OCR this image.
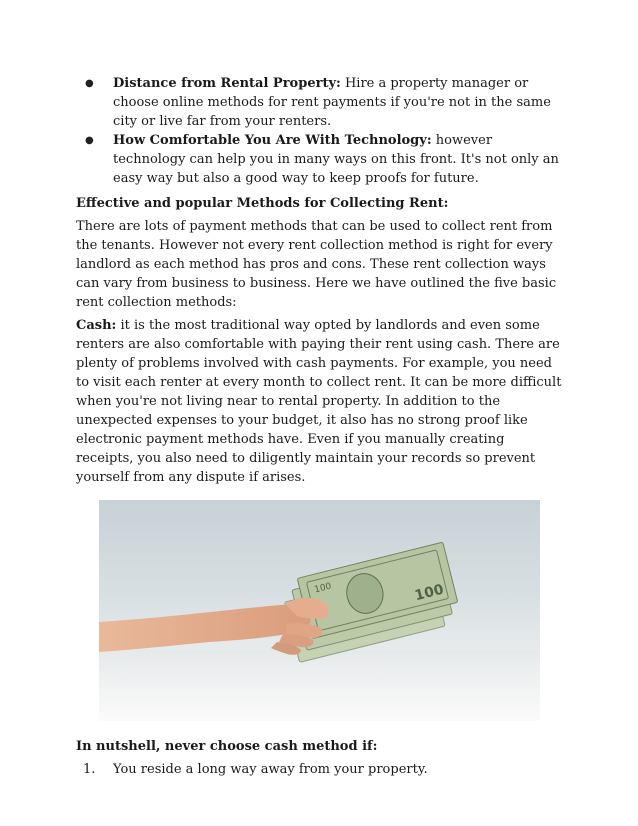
● Distance from Rental Property: Hire a property manager or choose online methods for rent payments if you're not in the same city or live far from your renters.
● How Comfortable You Are With Technology: however technology can help you in many ways on this front. It's not only an easy way but also a good way to keep proofs for future.

Effective and popular Methods for Collecting Rent:

There are lots of payment methods that can be used to collect rent from the tenants. However not every rent collection method is right for every landlord as each method has pros and cons. These rent collection ways can vary from business to business. Here we have outlined the five basic rent collection methods:

Cash: it is the most traditional way opted by landlords and even some renters are also comfortable with paying their rent using cash. There are plenty of problems involved with cash payments. For example, you need to visit each renter at every month to collect rent. It can be more difficult when you're not living near to rental property. In addition to the unexpected expenses to your budget, it also has no strong proof like electronic payment methods have. Even if you manually creating receipts, you also need to diligently maintain your records so prevent yourself from any dispute if arises.

100
100

In nutshell, never choose cash method if:

1. You reside a long way away from your property.
